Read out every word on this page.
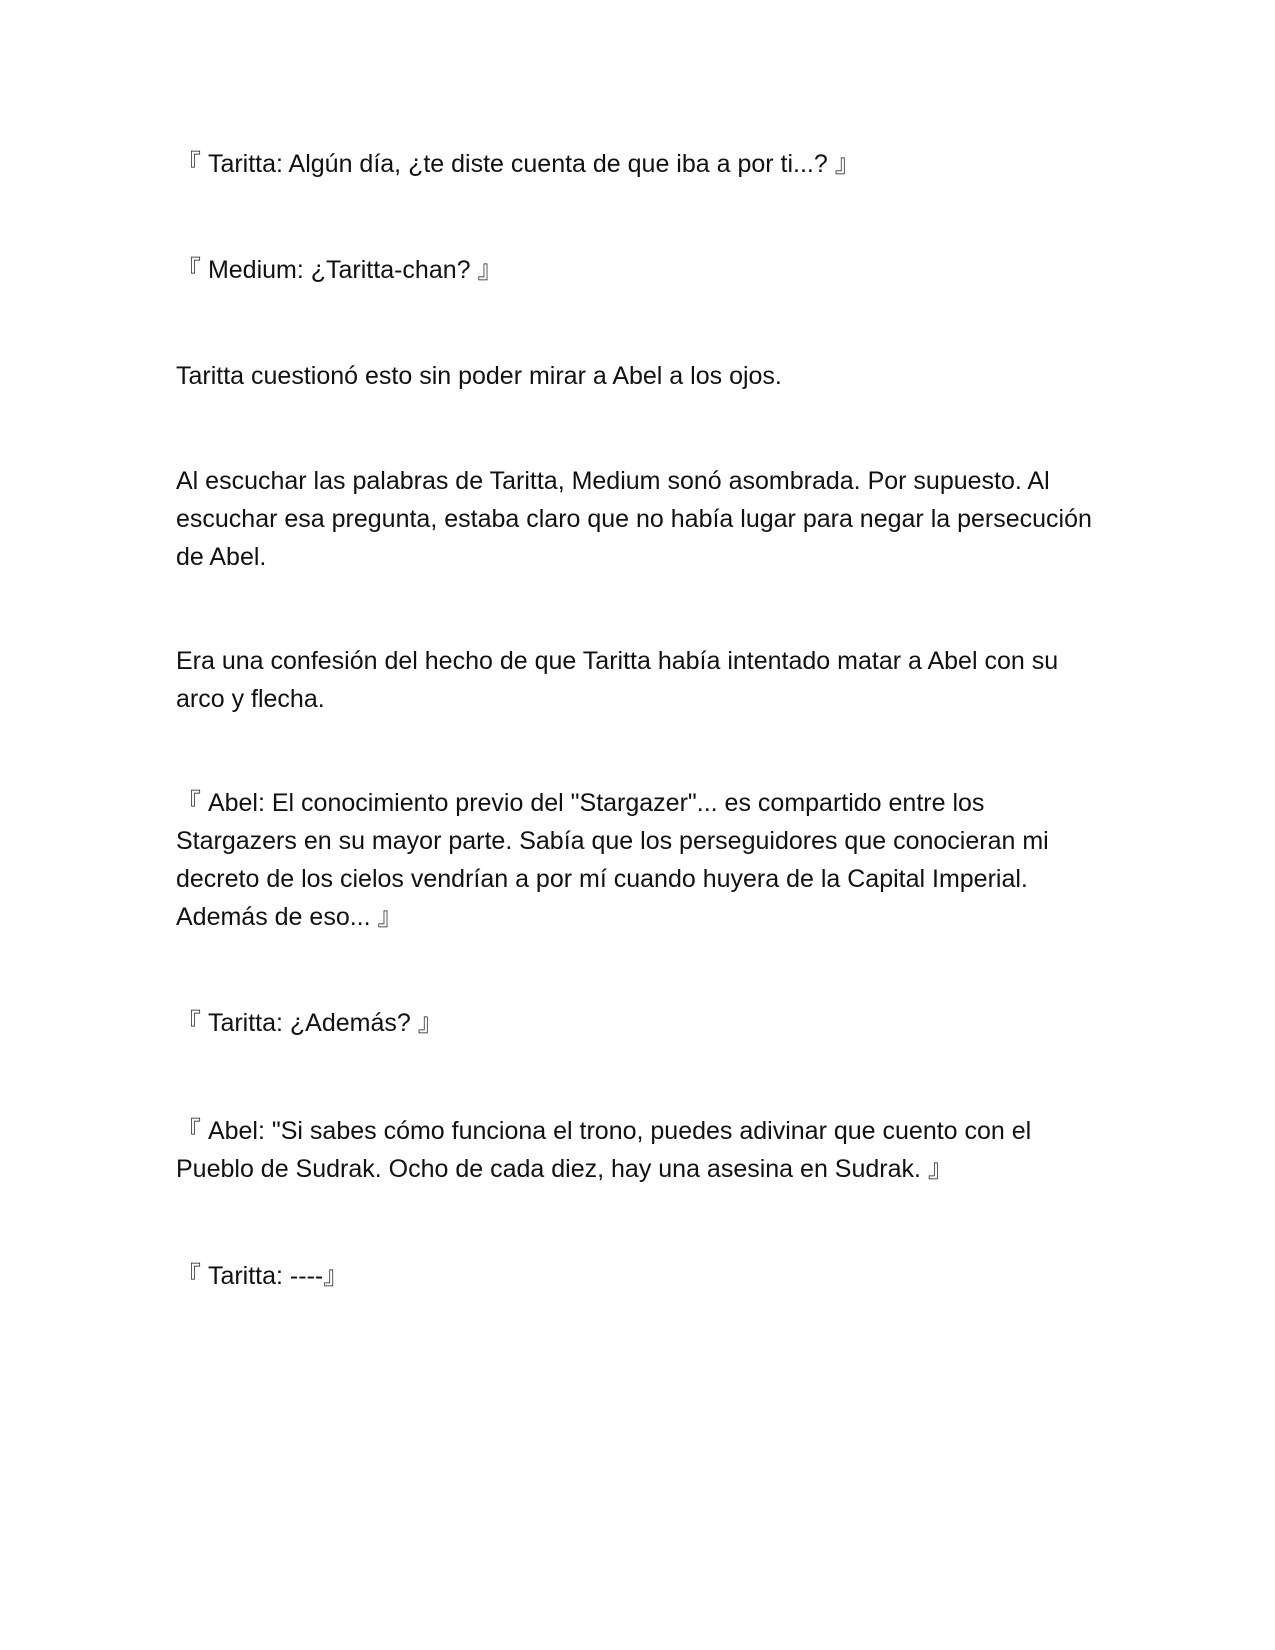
『 Taritta: Algún día, ¿te diste cuenta de que iba a por ti...? 』

『 Medium: ¿Taritta-chan? 』

Taritta cuestionó esto sin poder mirar a Abel a los ojos.

Al escuchar las palabras de Taritta, Medium sonó asombrada. Por supuesto. Al escuchar esa pregunta, estaba claro que no había lugar para negar la persecución de Abel.

Era una confesión del hecho de que Taritta había intentado matar a Abel con su arco y flecha.

『 Abel: El conocimiento previo del "Stargazer"... es compartido entre los Stargazers en su mayor parte. Sabía que los perseguidores que conocieran mi decreto de los cielos vendrían a por mí cuando huyera de la Capital Imperial. Además de eso... 』

『 Taritta: ¿Además? 』

『 Abel: "Si sabes cómo funciona el trono, puedes adivinar que cuento con el Pueblo de Sudrak. Ocho de cada diez, hay una asesina en Sudrak. 』

『 Taritta: ----』
